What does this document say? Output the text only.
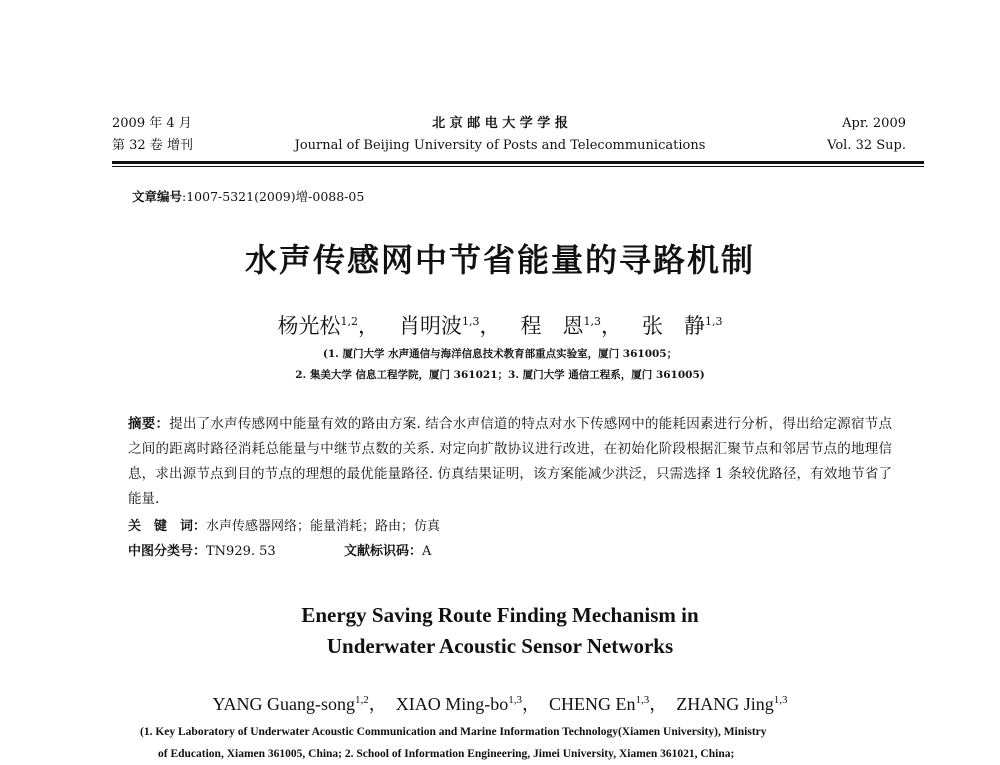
2009 年 4 月
第 32 卷 增刊
北 京 邮 电 大 学 学 报
Journal of Beijing University of Posts and Telecommunications
Apr. 2009
Vol. 32 Sup.
文章编号:1007-5321(2009)增-0088-05
水声传感网中节省能量的寻路机制
杨光松$^{1,2}$， 肖明波$^{1,3}$， 程　恩$^{1,3}$， 张　静$^{1,3}$
(1. 厦门大学 水声通信与海洋信息技术教育部重点实验室，厦门 361005；
2. 集美大学 信息工程学院，厦门 361021；3. 厦门大学 通信工程系，厦门 361005)
摘要：提出了水声传感网中能量有效的路由方案. 结合水声信道的特点对水下传感网中的能耗因素进行分析，得出给定源宿节点之间的距离时路径消耗总能量与中继节点数的关系. 对定向扩散协议进行改进，在初始化阶段根据汇聚节点和邻居节点的地理信息，求出源节点到目的节点的理想的最优能量路径. 仿真结果证明，该方案能减少洪泛，只需选择 1 条较优路径，有效地节省了能量.
关　键　词：水声传感器网络；能量消耗；路由；仿真
中图分类号：TN929. 53	文献标识码：A
Energy Saving Route Finding Mechanism in
Underwater Acoustic Sensor Networks
YANG Guang-song$^{1,2}$， XIAO Ming-bo$^{1,3}$， CHENG En$^{1,3}$， ZHANG Jing$^{1,3}$
(1. Key Laboratory of Underwater Acoustic Communication and Marine Information Technology(Xiamen University), Ministry
of Education, Xiamen 361005, China; 2. School of Information Engineering, Jimei University, Xiamen 361021, China;
